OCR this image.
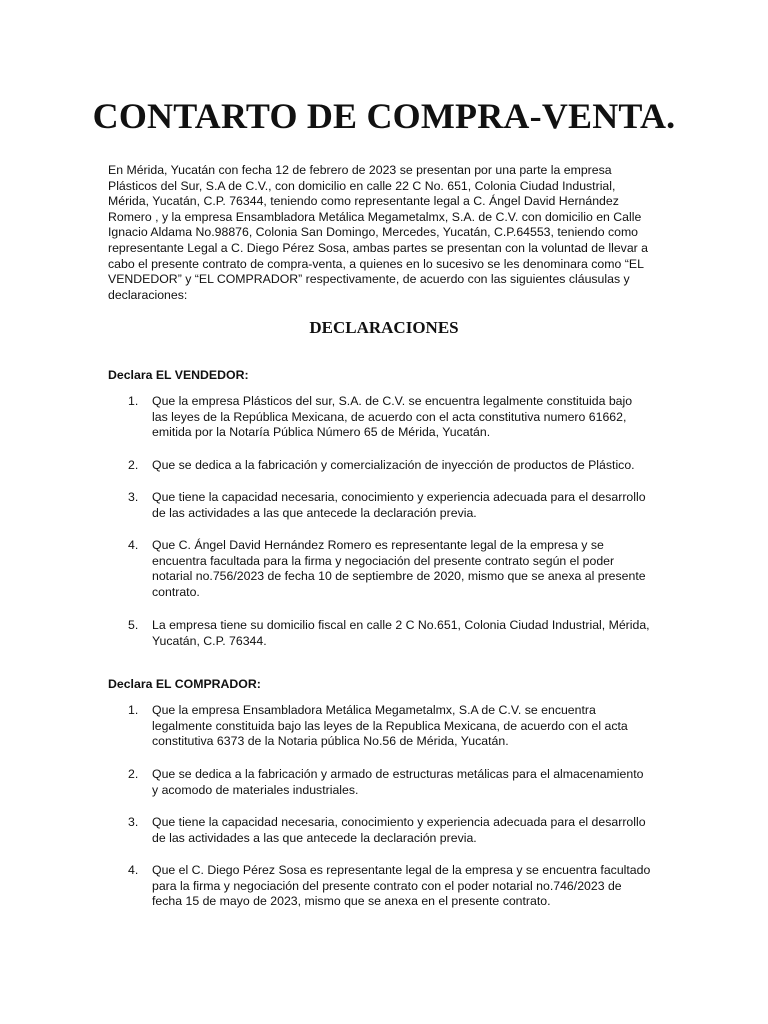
CONTARTO DE COMPRA-VENTA.

En Mérida, Yucatán con fecha 12 de febrero de 2023 se presentan por una parte la empresa
Plásticos del Sur, S.A de C.V., con domicilio en calle 22 C No. 651, Colonia Ciudad Industrial,
Mérida, Yucatán, C.P. 76344, teniendo como representante legal a C. Ángel David Hernández
Romero , y la empresa Ensambladora Metálica Megametalmx, S.A. de C.V. con domicilio en Calle
Ignacio Aldama No.98876, Colonia San Domingo, Mercedes, Yucatán, C.P.64553, teniendo como
representante Legal a C. Diego Pérez Sosa, ambas partes se presentan con la voluntad de llevar a
cabo el presente contrato de compra-venta, a quienes en lo sucesivo se les denominara como “EL
VENDEDOR” y “EL COMPRADOR” respectivamente, de acuerdo con las siguientes cláusulas y
declaraciones:

DECLARACIONES

Declara EL VENDEDOR:

1.	Que la empresa Plásticos del sur, S.A. de C.V. se encuentra legalmente constituida bajo
las leyes de la República Mexicana, de acuerdo con el acta constitutiva numero 61662,
emitida por la Notaría Pública Número 65 de Mérida, Yucatán.
2.	Que se dedica a la fabricación y comercialización de inyección de productos de Plástico.
3.	Que tiene la capacidad necesaria, conocimiento y experiencia adecuada para el desarrollo
de las actividades a las que antecede la declaración previa.
4.	Que C. Ángel David Hernández Romero es representante legal de la empresa y se
encuentra facultada para la firma y negociación del presente contrato según el poder
notarial no.756/2023 de fecha 10 de septiembre de 2020, mismo que se anexa al presente
contrato.
5.	La empresa tiene su domicilio fiscal en calle 2 C No.651, Colonia Ciudad Industrial, Mérida,
Yucatán, C.P. 76344.

Declara EL COMPRADOR:

1.	Que la empresa Ensambladora Metálica Megametalmx, S.A de C.V. se encuentra
legalmente constituida bajo las leyes de la Republica Mexicana, de acuerdo con el acta
constitutiva 6373 de la Notaria pública No.56 de Mérida, Yucatán.
2.	Que se dedica a la fabricación y armado de estructuras metálicas para el almacenamiento
y acomodo de materiales industriales.
3.	Que tiene la capacidad necesaria, conocimiento y experiencia adecuada para el desarrollo
de las actividades a las que antecede la declaración previa.
4.	Que el C. Diego Pérez Sosa es representante legal de la empresa y se encuentra facultado
para la firma y negociación del presente contrato con el poder notarial no.746/2023 de
fecha 15 de mayo de 2023, mismo que se anexa en el presente contrato.
